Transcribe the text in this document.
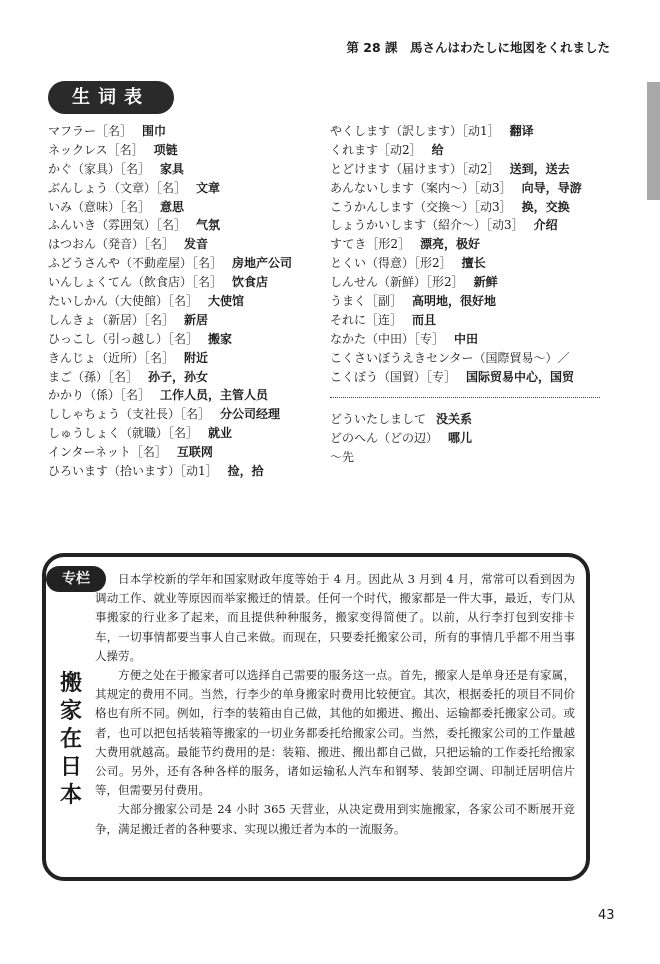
第 28 課　馬さんはわたしに地図をくれました
生词表
マフラー［名］ 围巾
ネックレス［名］ 项链
かぐ（家具）［名］ 家具
ぶんしょう（文章）［名］ 文章
いみ（意味）［名］ 意思
ふんいき（雰囲気）［名］ 气氛
はつおん（発音）［名］ 发音
ふどうさんや（不動産屋）［名］ 房地产公司
いんしょくてん（飲食店）［名］ 饮食店
たいしかん（大使館）［名］ 大使馆
しんきょ（新居）［名］ 新居
ひっこし（引っ越し）［名］ 搬家
きんじょ（近所）［名］ 附近
まご（孫）［名］ 孙子，孙女
かかり（係）［名］ 工作人员，主管人员
ししゃちょう（支社長）［名］ 分公司经理
しゅうしょく（就職）［名］ 就业
インターネット［名］ 互联网
ひろいます（拾います）［动1］ 捡，拾
やくします（訳します）［动1］ 翻译
くれます［动2］ 给
とどけます（届けます）［动2］ 送到，送去
あんないします（案内～）［动3］ 向导，导游
こうかんします（交換～）［动3］ 换，交换
しょうかいします（紹介～）［动3］ 介绍
すてき［形2］ 漂亮，极好
とくい（得意）［形2］ 擅长
しんせん（新鮮）［形2］ 新鲜
うまく［副］ 高明地，很好地
それに［连］ 而且
なかた（中田）［专］ 中田
こくさいぼうえきセンター（国際貿易～）／
こくぼう（国貿）［专］ 国际贸易中心，国贸
どういたしまして 没关系
どのへん（どの辺） 哪儿
～先
专栏
搬
家
在
日
本

日本学校新的学年和国家财政年度等始于 4 月。因此从 3 月到 4 月，常常可以看到因为调动工作、就业等原因而举家搬迁的情景。任何一个时代，搬家都是一件大事，最近，专门从事搬家的行业多了起来，而且提供种种服务，搬家变得简便了。以前，从行李打包到安排卡车，一切事情都要当事人自己来做。而现在，只要委托搬家公司，所有的事情几乎都不用当事人操劳。

方便之处在于搬家者可以选择自己需要的服务这一点。首先，搬家人是单身还是有家属，其规定的费用不同。当然，行李少的单身搬家时费用比较便宜。其次，根据委托的项目不同价格也有所不同。例如，行李的装箱由自己做，其他的如搬进、搬出、运输都委托搬家公司。或者，也可以把包括装箱等搬家的一切业务都委托给搬家公司。当然，委托搬家公司的工作量越大费用就越高。最能节约费用的是：装箱、搬进、搬出都自己做，只把运输的工作委托给搬家公司。另外，还有各种各样的服务，诸如运输私人汽车和钢琴、装卸空调、印制迁居明信片等，但需要另付费用。

大部分搬家公司是 24 小时 365 天营业，从决定费用到实施搬家，各家公司不断展开竞争，满足搬迁者的各种要求、实现以搬迁者为本的一流服务。

43
